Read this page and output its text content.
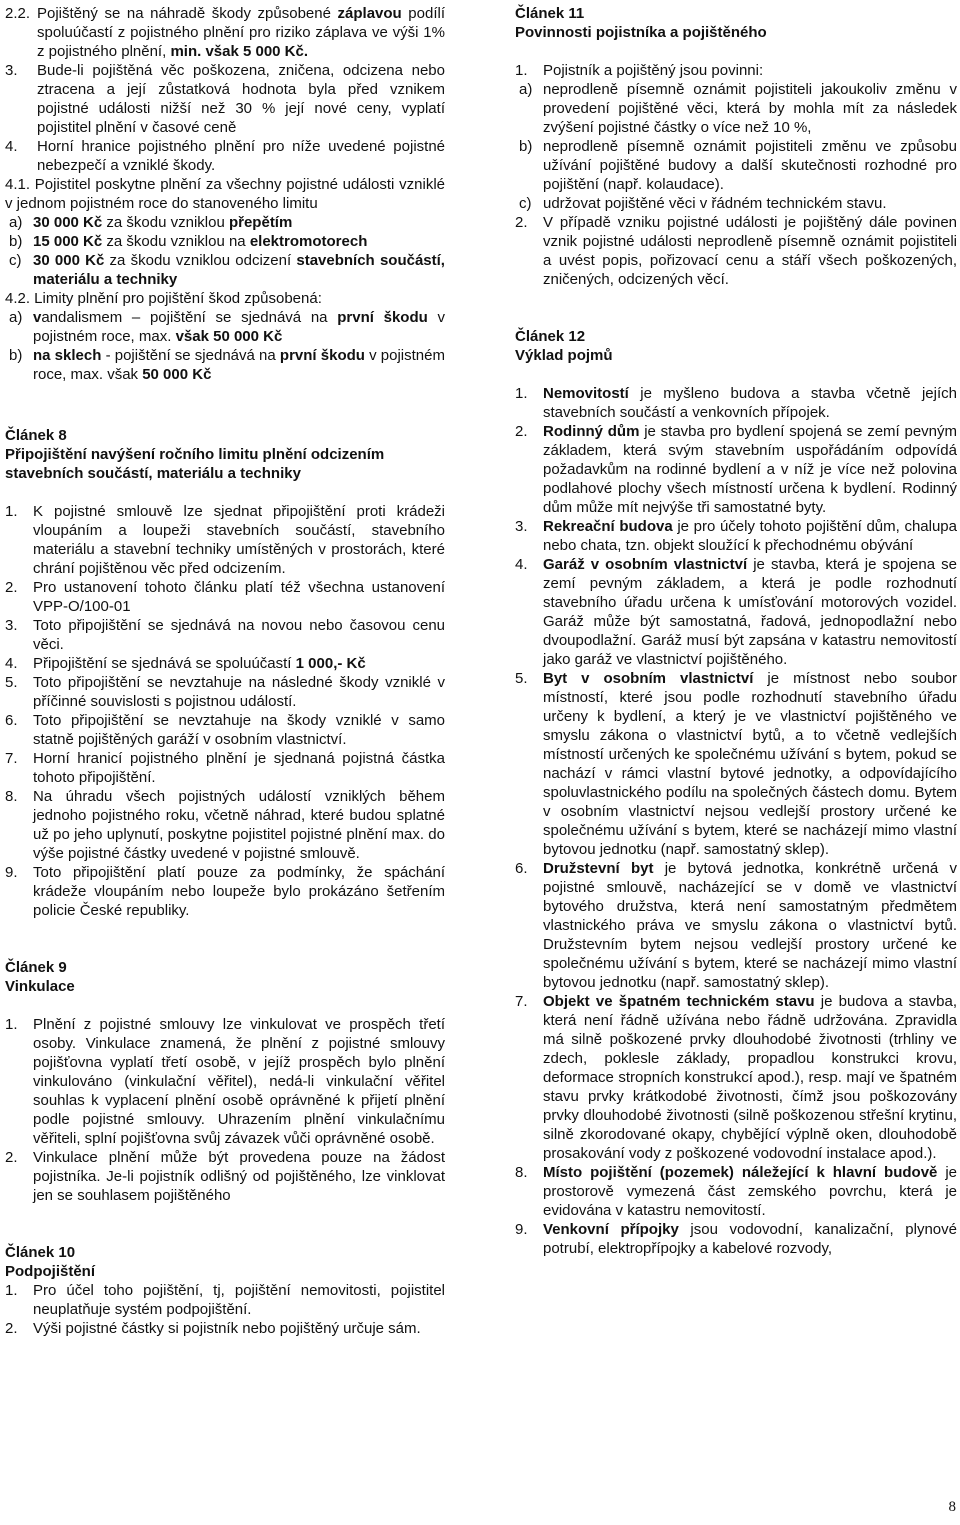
2.2. Pojištěný se na náhradě škody způsobené záplavou podílí spoluúčastí z pojistného plnění pro riziko záplava ve výši 1% z pojistného plnění, min. však 5 000 Kč.
3.	Bude-li pojištěná věc poškozena, zničena, odcizena nebo ztracena a její zůstatková hodnota byla před vznikem pojistné události nižší než 30 % její nové ceny, vyplatí pojistitel plnění v časové ceně
4.	Horní hranice pojistného plnění pro níže uvedené pojistné nebezpečí a vzniklé škody.

4.1. Pojistitel poskytne plnění za všechny pojistné události vzniklé v jednom pojistném roce do stanoveného limitu

a) 30 000 Kč za škodu vzniklou přepětím
b) 15 000 Kč za škodu vzniklou na elektromotorech
c) 30 000 Kč za škodu vzniklou odcizení stavebních součástí, materiálu a techniky

4.2. Limity plnění pro pojištění škod způsobená:

a) vandalismem – pojištění se sjednává na první škodu v pojistném roce, max. však 50 000 Kč
b) na sklech - pojištění se sjednává na první škodu v pojistném roce, max. však 50 000 Kč

Článek 8

Připojištění navýšení ročního limitu plnění odcizením stavebních součástí, materiálu a techniky

1.	K pojistné smlouvě lze sjednat připojištění proti krádeži vloupáním a loupeži stavebních součástí, stavebního materiálu a stavební techniky umístěných v prostorách, které chrání pojištěnou věc před odcizením.
2.	Pro ustanovení tohoto článku platí též všechna ustanovení VPP-O/100-01
3.	Toto připojištění se sjednává na novou nebo časovou cenu věci.
4.	Připojištění se sjednává se spoluúčastí 1 000,- Kč
5.	Toto připojištění se nevztahuje na následné škody vzniklé v příčinné souvislosti s pojistnou událostí.
6.	Toto připojištění se nevztahuje na škody vzniklé v samo statně pojištěných garáží v osobním vlastnictví.
7.	Horní hranicí pojistného plnění je sjednaná pojistná částka tohoto připojištění.
8.	Na úhradu všech pojistných událostí vzniklých během jednoho pojistného roku, včetně náhrad, které budou splatné už po jeho uplynutí, poskytne pojistitel pojistné plnění max. do výše pojistné částky uvedené v pojistné smlouvě.
9.	Toto připojištění platí pouze za podmínky, že spáchání krádeže vloupáním nebo loupeže bylo prokázáno šetřením policie České republiky.

Článek 9

Vinkulace

1.	Plnění z pojistné smlouvy lze vinkulovat ve prospěch třetí osoby. Vinkulace znamená, že plnění z pojistné smlouvy pojišťovna vyplatí třetí osobě, v jejíž prospěch bylo plnění vinkulováno (vinkulační věřitel), nedá-li vinkulační věřitel souhlas k vyplacení plnění osobě oprávněné k přijetí plnění podle pojistné smlouvy. Uhrazením plnění vinkulačnímu věřiteli, splní pojišťovna svůj závazek vůči oprávněné osobě.
2.	Vinkulace plnění může být provedena pouze na žádost pojistníka. Je-li pojistník odlišný od pojištěného, lze vinklovat jen se souhlasem pojištěného

Článek 10

Podpojištění

1.	Pro účel toho pojištění, tj, pojištění nemovitosti, pojistitel neuplatňuje systém podpojištění.
2.	Výši pojistné částky si pojistník nebo pojištěný určuje sám.

Článek 11

Povinnosti pojistníka a pojištěného

1.	Pojistník a pojištěný jsou povinni:
a) neprodleně písemně oznámit pojistiteli jakoukoliv změnu v provedení pojištěné věci, která by mohla mít za následek zvýšení pojistné částky o více než 10 %,
b) neprodleně písemně oznámit pojistiteli změnu ve způsobu užívání pojištěné budovy a další skutečnosti rozhodné pro pojištění (např. kolaudace).
c) udržovat pojištěné věci v řádném technickém stavu.
2.	V případě vzniku pojistné události je pojištěný dále povinen vznik pojistné události neprodleně písemně oznámit pojistiteli a uvést popis, pořizovací cenu a stáří všech poškozených, zničených, odcizených věcí.

Článek 12

Výklad pojmů

1.	Nemovitostí je myšleno budova a stavba včetně jejích stavebních součástí a venkovních přípojek.
2.	Rodinný dům je stavba pro bydlení spojená se zemí pevným základem, která svým stavebním uspořádáním odpovídá požadavkům na rodinné bydlení a v níž je více než polovina podlahové plochy všech místností určena k bydlení. Rodinný dům může mít nejvýše tři samostatné byty.
3.	Rekreační budova je pro účely tohoto pojištění dům, chalupa nebo chata, tzn. objekt sloužící k přechodnému obývání
4.	Garáž v osobním vlastnictví je stavba, která je spojena se zemí pevným základem, a která je podle rozhodnutí stavebního úřadu určena k umísťování motorových vozidel. Garáž může být samostatná, řadová, jednopodlažní nebo dvoupodlažní. Garáž musí být zapsána v katastru nemovitostí jako garáž ve vlastnictví pojištěného.
5.	Byt v osobním vlastnictví je místnost nebo soubor místností, které jsou podle rozhodnutí stavebního úřadu určeny k bydlení, a který je ve vlastnictví pojištěného ve smyslu zákona o vlastnictví bytů, a to včetně vedlejších místností určených ke společnému užívání s bytem, pokud se nachází v rámci vlastní bytové jednotky, a odpovídajícího spoluvlastnického podílu na společných částech domu. Bytem v osobním vlastnictví nejsou vedlejší prostory určené ke společnému užívání s bytem, které se nacházejí mimo vlastní bytovou jednotku (např. samostatný sklep).
6.	Družstevní byt je bytová jednotka, konkrétně určená v pojistné smlouvě, nacházející se v domě ve vlastnictví bytového družstva, která není samostatným předmětem vlastnického práva ve smyslu zákona o vlastnictví bytů. Družstevním bytem nejsou vedlejší prostory určené ke společnému užívání s bytem, které se nacházejí mimo vlastní bytovou jednotku (např. samostatný sklep).
7.	Objekt ve špatném technickém stavu je budova a stavba, která není řádně užívána nebo řádně udržována. Zpravidla má silně poškozené prvky dlouhodobé životnosti (trhliny ve zdech, poklesle základy, propadlou konstrukci krovu, deformace stropních konstrukcí apod.), resp. mají ve špatném stavu prvky krátkodobé životnosti, čímž jsou poškozovány prvky dlouhodobé životnosti (silně poškozenou střešní krytinu, silně zkorodované okapy, chybějící výplně oken, dlouhodobě prosakování vody z poškozené vodovodní instalace apod.).
8.	Místo pojištění (pozemek) náležející k hlavní budově je prostorově vymezená část zemského povrchu, která je evidována v katastru nemovitostí.
9.	Venkovní přípojky jsou vodovodní, kanalizační, plynové potrubí, elektropřípojky a kabelové rozvody,
8
